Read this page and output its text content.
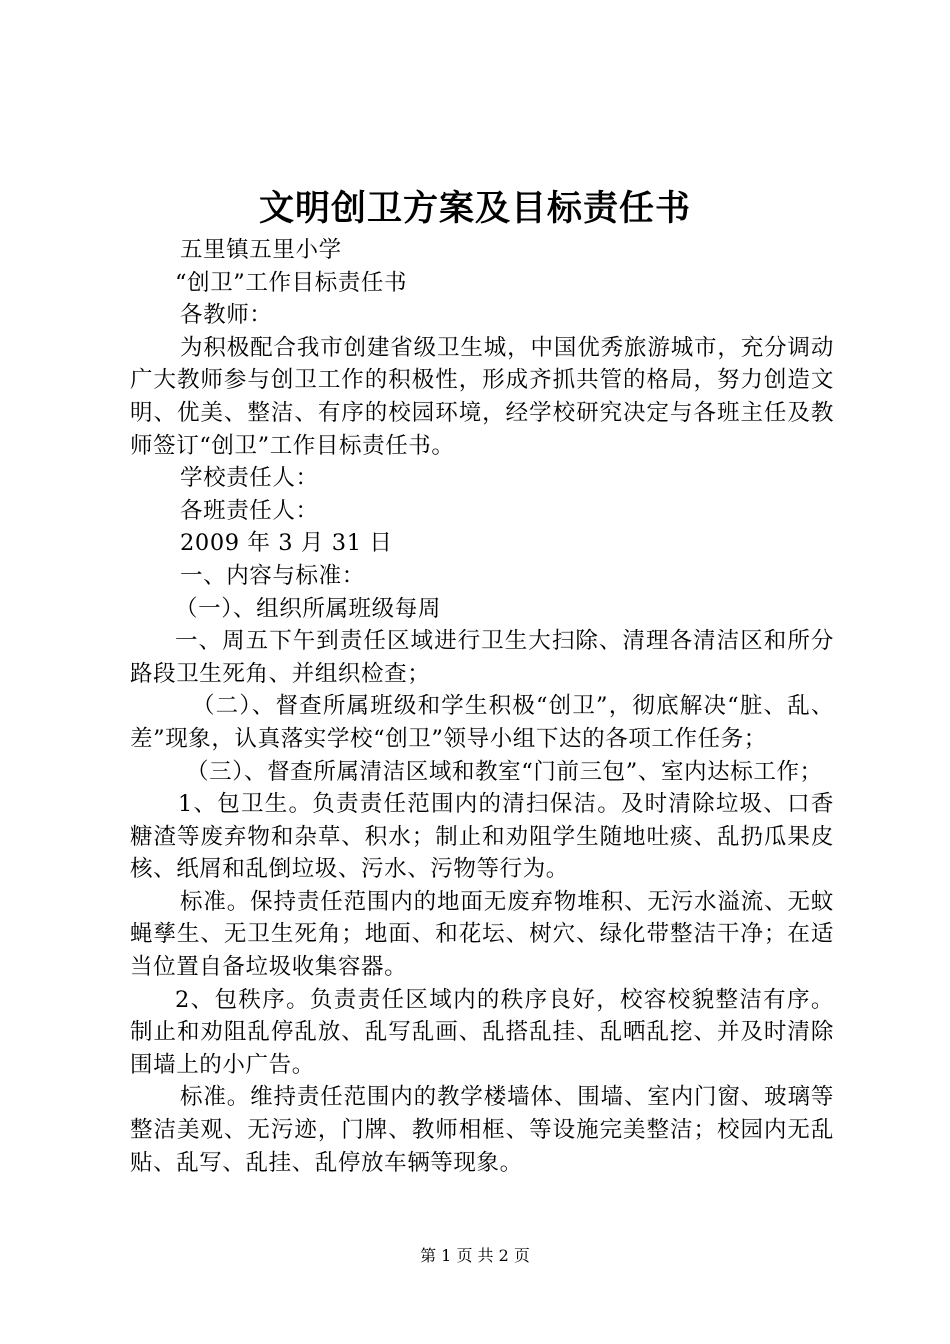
文明创卫方案及目标责任书

五里镇五里小学

“创卫”工作目标责任书

各教师：

为积极配合我市创建省级卫生城，中国优秀旅游城市，充分调动广大教师参与创卫工作的积极性，形成齐抓共管的格局，努力创造文明、优美、整洁、有序的校园环境，经学校研究决定与各班主任及教师签订“创卫”工作目标责任书。

学校责任人：

各班责任人：

2009 年 3 月 31 日

一、内容与标准：

（一）、组织所属班级每周

一、周五下午到责任区域进行卫生大扫除、清理各清洁区和所分路段卫生死角、并组织检查；

（二）、督查所属班级和学生积极“创卫”，彻底解决“脏、乱、差”现象，认真落实学校“创卫”领导小组下达的各项工作任务；

（三）、督查所属清洁区域和教室“门前三包”、室内达标工作；

1、包卫生。负责责任范围内的清扫保洁。及时清除垃圾、口香糖渣等废弃物和杂草、积水；制止和劝阻学生随地吐痰、乱扔瓜果皮核、纸屑和乱倒垃圾、污水、污物等行为。

标准。保持责任范围内的地面无废弃物堆积、无污水溢流、无蚊蝇孳生、无卫生死角；地面、和花坛、树穴、绿化带整洁干净；在适当位置自备垃圾收集容器。

2、包秩序。负责责任区域内的秩序良好，校容校貌整洁有序。制止和劝阻乱停乱放、乱写乱画、乱搭乱挂、乱晒乱挖、并及时清除围墙上的小广告。

标准。维持责任范围内的教学楼墙体、围墙、室内门窗、玻璃等整洁美观、无污迹，门牌、教师相框、等设施完美整洁；校园内无乱贴、乱写、乱挂、乱停放车辆等现象。

第 1 页 共 2 页
